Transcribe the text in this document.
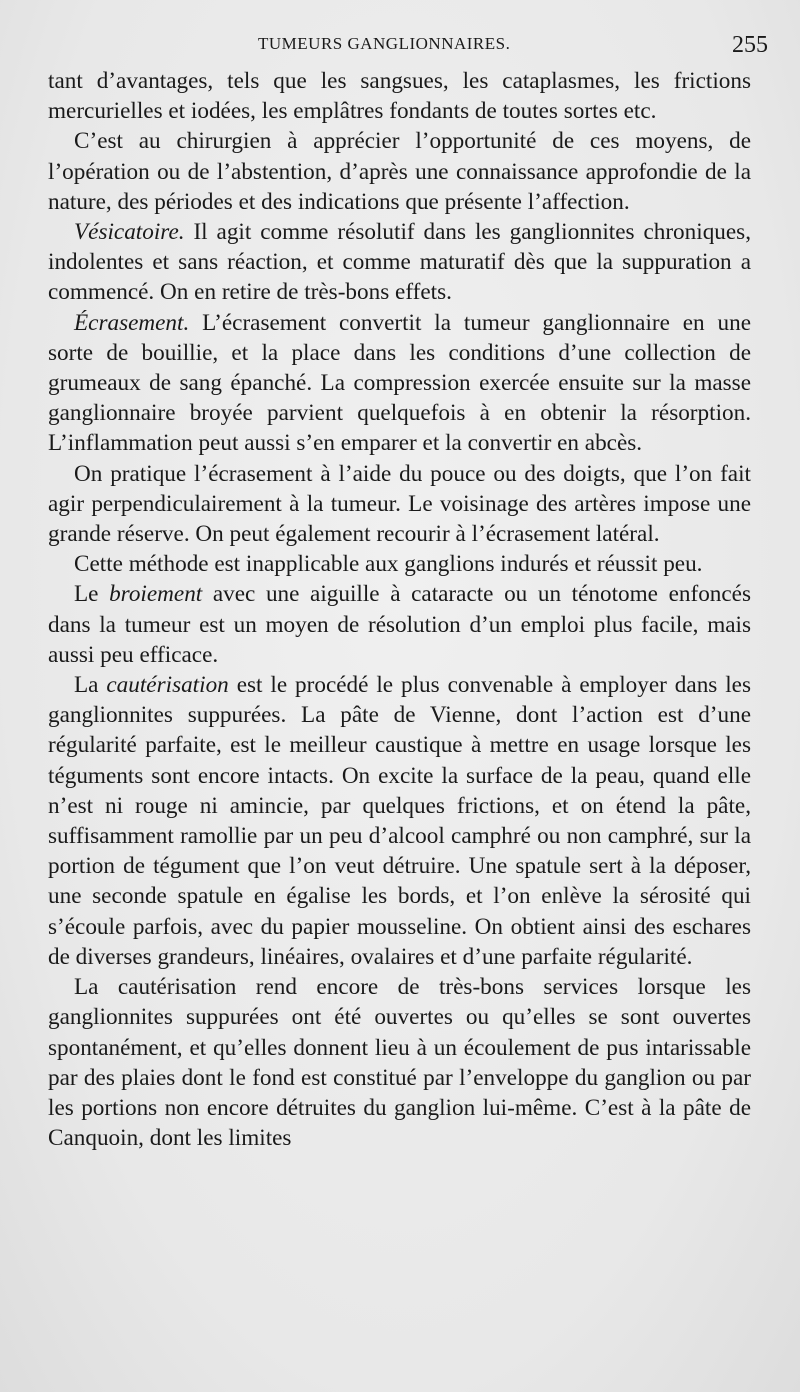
TUMEURS GANGLIONNAIRES.	255

tant d’avantages, tels que les sangsues, les cataplasmes, les frictions mercurielles et iodées, les emplâtres fondants de toutes sortes etc.

C’est au chirurgien à apprécier l’opportunité de ces moyens, de l’opération ou de l’abstention, d’après une connaissance approfondie de la nature, des périodes et des indications que présente l’affection.

Vésicatoire. Il agit comme résolutif dans les ganglionnites chroniques, indolentes et sans réaction, et comme maturatif dès que la suppuration a commencé. On en retire de très-bons effets.

Écrasement. L’écrasement convertit la tumeur ganglionnaire en une sorte de bouillie, et la place dans les conditions d’une collection de grumeaux de sang épanché. La compression exercée ensuite sur la masse ganglionnaire broyée parvient quelquefois à en obtenir la résorption. L’inflammation peut aussi s’en emparer et la convertir en abcès.

On pratique l’écrasement à l’aide du pouce ou des doigts, que l’on fait agir perpendiculairement à la tumeur. Le voisinage des artères impose une grande réserve. On peut également recourir à l’écrasement latéral.

Cette méthode est inapplicable aux ganglions indurés et réussit peu.

Le broiement avec une aiguille à cataracte ou un ténotome enfoncés dans la tumeur est un moyen de résolution d’un emploi plus facile, mais aussi peu efficace.

La cautérisation est le procédé le plus convenable à employer dans les ganglionnites suppurées. La pâte de Vienne, dont l’action est d’une régularité parfaite, est le meilleur caustique à mettre en usage lorsque les téguments sont encore intacts. On excite la surface de la peau, quand elle n’est ni rouge ni amincie, par quelques frictions, et on étend la pâte, suffisamment ramollie par un peu d’alcool camphré ou non camphré, sur la portion de tégument que l’on veut détruire. Une spatule sert à la déposer, une seconde spatule en égalise les bords, et l’on enlève la sérosité qui s’écoule parfois, avec du papier mousseline. On obtient ainsi des eschares de diverses grandeurs, linéaires, ovalaires et d’une parfaite régularité.

La cautérisation rend encore de très-bons services lorsque les ganglionnites suppurées ont été ouvertes ou qu’elles se sont ouvertes spontanément, et qu’elles donnent lieu à un écoulement de pus intarissable par des plaies dont le fond est constitué par l’enveloppe du ganglion ou par les portions non encore détruites du ganglion lui-même. C’est à la pâte de Canquoin, dont les limites
